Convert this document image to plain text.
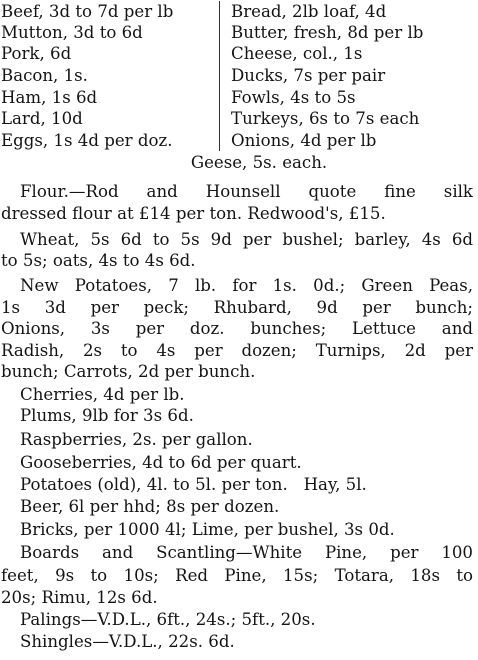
Beef, 3d to 7d per lb
Mutton, 3d to 6d
Pork, 6d
Bacon, 1s.
Ham, 1s 6d
Lard, 10d
Eggs, 1s 4d per doz.
Bread, 2lb loaf, 4d
Butter, fresh, 8d per lb
Cheese, col., 1s
Ducks, 7s per pair
Fowls, 4s to 5s
Turkeys, 6s to 7s each
Onions, 4d per lb
Geese, 5s. each.
Flour.—Rod and Hounsell quote fine silk
dressed flour at £14 per ton. Redwood's, £15.
Wheat, 5s 6d to 5s 9d per bushel; barley, 4s 6d
to 5s; oats, 4s to 4s 6d.
New Potatoes, 7 lb. for 1s. 0d.; Green Peas,
1s 3d per peck; Rhubard, 9d per bunch;
Onions, 3s per doz. bunches; Lettuce and
Radish, 2s to 4s per dozen; Turnips, 2d per
bunch; Carrots, 2d per bunch.
Cherries, 4d per lb.
Plums, 9lb for 3s 6d.
Raspberries, 2s. per gallon.
Gooseberries, 4d to 6d per quart.
Potatoes (old), 4l. to 5l. per ton.   Hay, 5l.
Beer, 6l per hhd; 8s per dozen.
Bricks, per 1000 4l; Lime, per bushel, 3s 0d.
Boards and Scantling—White Pine, per 100
feet, 9s to 10s; Red Pine, 15s; Totara, 18s to
20s; Rimu, 12s 6d.
Palings—V.D.L., 6ft., 24s.; 5ft., 20s.
Shingles—V.D.L., 22s. 6d.
